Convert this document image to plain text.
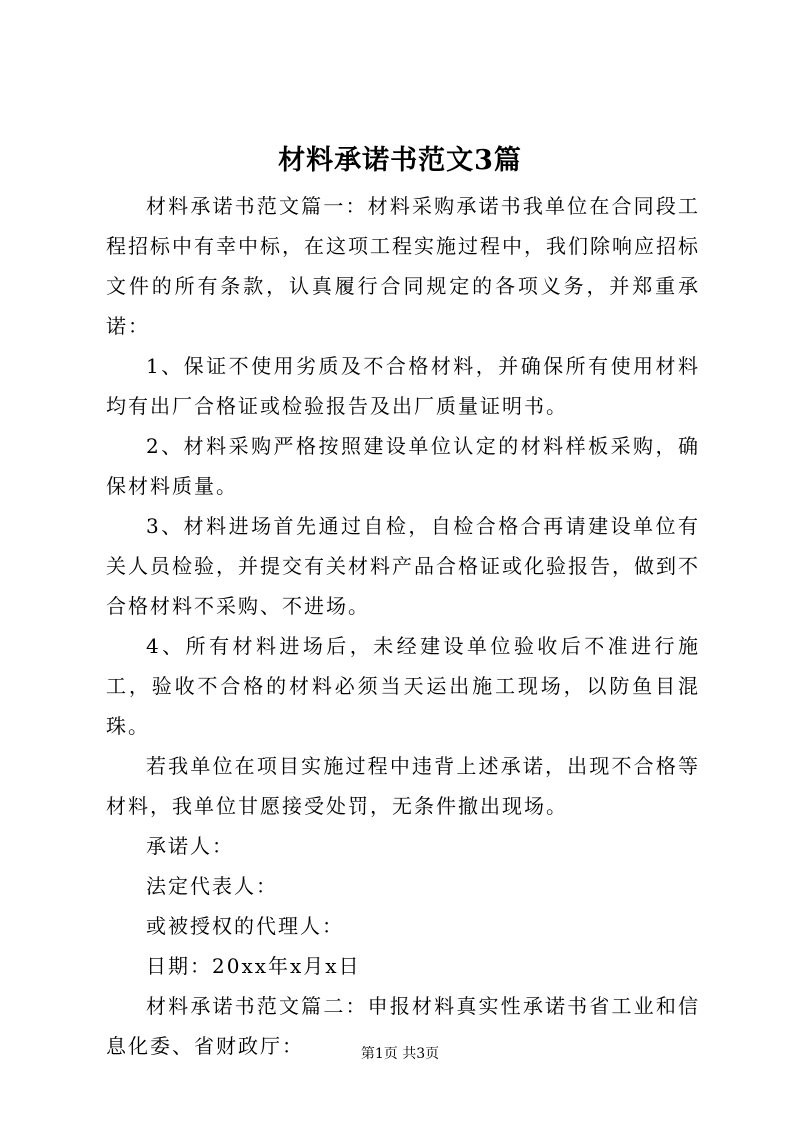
材料承诺书范文3篇

材料承诺书范文篇一：材料采购承诺书我单位在合同段工程招标中有幸中标，在这项工程实施过程中，我们除响应招标文件的所有条款，认真履行合同规定的各项义务，并郑重承诺：

1、保证不使用劣质及不合格材料，并确保所有使用材料均有出厂合格证或检验报告及出厂质量证明书。

2、材料采购严格按照建设单位认定的材料样板采购，确保材料质量。

3、材料进场首先通过自检，自检合格合再请建设单位有关人员检验，并提交有关材料产品合格证或化验报告，做到不合格材料不采购、不进场。

4、所有材料进场后，未经建设单位验收后不准进行施工，验收不合格的材料必须当天运出施工现场，以防鱼目混珠。

若我单位在项目实施过程中违背上述承诺，出现不合格等材料，我单位甘愿接受处罚，无条件撤出现场。

承诺人：

法定代表人：

或被授权的代理人：

日期：20xx年x月x日

材料承诺书范文篇二：申报材料真实性承诺书省工业和信息化委、省财政厅：	第1页 共3页
